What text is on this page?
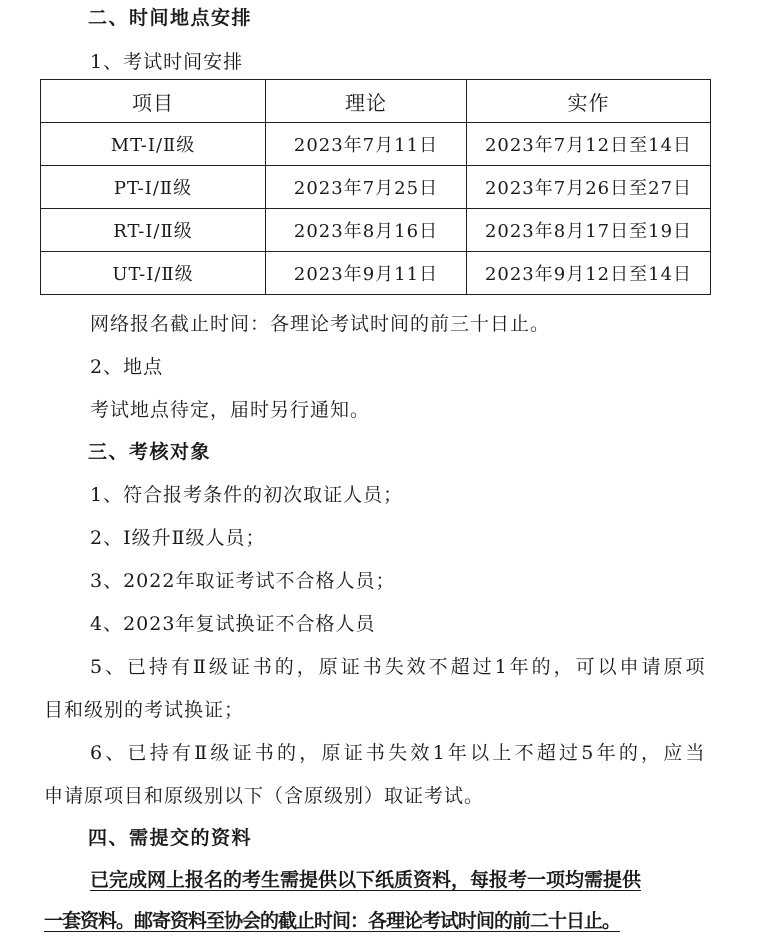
二、时间地点安排
1、考试时间安排
项目	理论	实作
MT-Ⅰ/Ⅱ级	2023年7月11日	2023年7月12日至14日
PT-Ⅰ/Ⅱ级	2023年7月25日	2023年7月26日至27日
RT-Ⅰ/Ⅱ级	2023年8月16日	2023年8月17日至19日
UT-Ⅰ/Ⅱ级	2023年9月11日	2023年9月12日至14日
网络报名截止时间：各理论考试时间的前三十日止。
2、地点
考试地点待定，届时另行通知。
三、考核对象
1、符合报考条件的初次取证人员；
2、Ⅰ级升Ⅱ级人员；
3、2022年取证考试不合格人员；
4、2023年复试换证不合格人员
5、已持有Ⅱ级证书的，原证书失效不超过1年的，可以申请原项
目和级别的考试换证；
6、已持有Ⅱ级证书的，原证书失效1年以上不超过5年的，应当
申请原项目和原级别以下（含原级别）取证考试。
四、需提交的资料
已完成网上报名的考生需提供以下纸质资料，每报考一项均需提供
一套资料。邮寄资料至协会的截止时间：各理论考试时间的前二十日止。
